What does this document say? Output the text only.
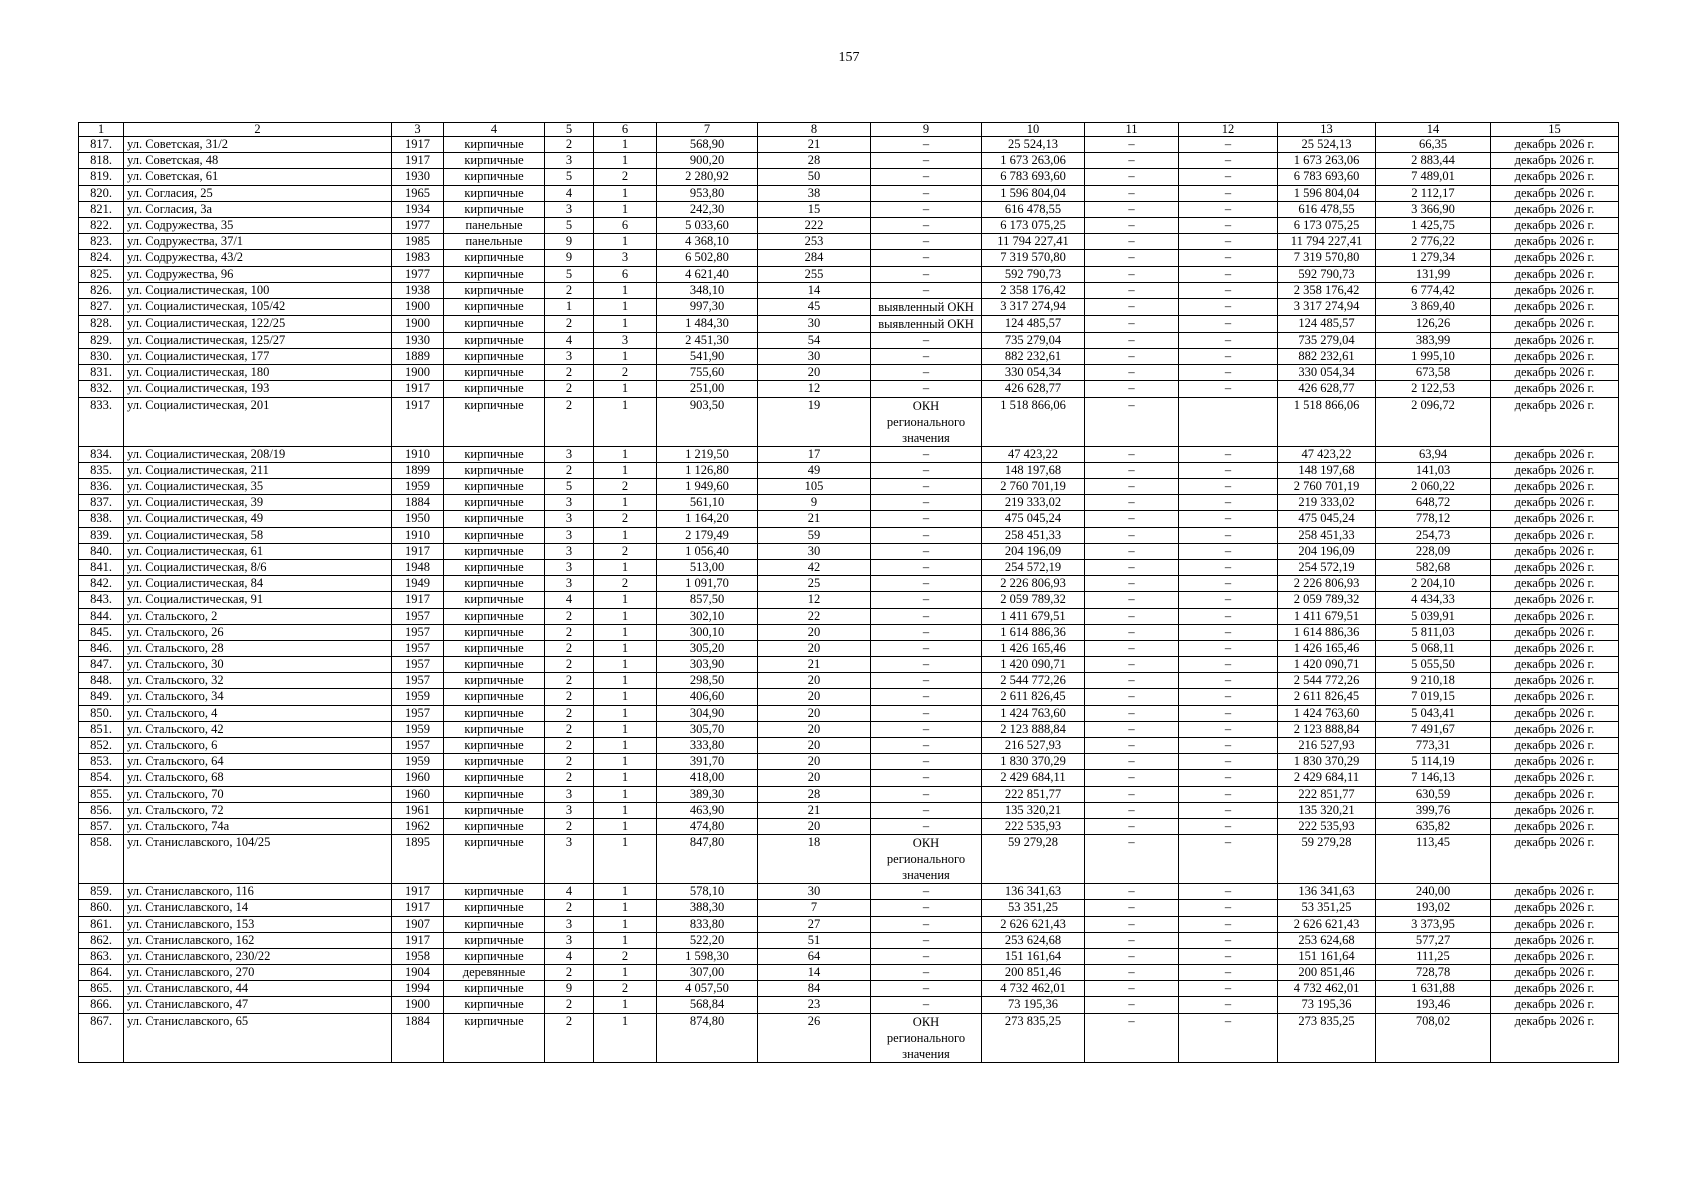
157
1	2	3	4	5	6	7	8	9	10	11	12	13	14	15
817.	ул. Советская, 31/2	1917	кирпичные	2	1	568,90	21	–	25 524,13	–	–	25 524,13	66,35	декабрь 2026 г.
818.	ул. Советская, 48	1917	кирпичные	3	1	900,20	28	–	1 673 263,06	–	–	1 673 263,06	2 883,44	декабрь 2026 г.
819.	ул. Советская, 61	1930	кирпичные	5	2	2 280,92	50	–	6 783 693,60	–	–	6 783 693,60	7 489,01	декабрь 2026 г.
820.	ул. Согласия, 25	1965	кирпичные	4	1	953,80	38	–	1 596 804,04	–	–	1 596 804,04	2 112,17	декабрь 2026 г.
821.	ул. Согласия, 3а	1934	кирпичные	3	1	242,30	15	–	616 478,55	–	–	616 478,55	3 366,90	декабрь 2026 г.
822.	ул. Содружества, 35	1977	панельные	5	6	5 033,60	222	–	6 173 075,25	–	–	6 173 075,25	1 425,75	декабрь 2026 г.
823.	ул. Содружества, 37/1	1985	панельные	9	1	4 368,10	253	–	11 794 227,41	–	–	11 794 227,41	2 776,22	декабрь 2026 г.
824.	ул. Содружества, 43/2	1983	кирпичные	9	3	6 502,80	284	–	7 319 570,80	–	–	7 319 570,80	1 279,34	декабрь 2026 г.
825.	ул. Содружества, 96	1977	кирпичные	5	6	4 621,40	255	–	592 790,73	–	–	592 790,73	131,99	декабрь 2026 г.
826.	ул. Социалистическая, 100	1938	кирпичные	2	1	348,10	14	–	2 358 176,42	–	–	2 358 176,42	6 774,42	декабрь 2026 г.
827.	ул. Социалистическая, 105/42	1900	кирпичные	1	1	997,30	45	выявленный ОКН	3 317 274,94	–	–	3 317 274,94	3 869,40	декабрь 2026 г.
828.	ул. Социалистическая, 122/25	1900	кирпичные	2	1	1 484,30	30	выявленный ОКН	124 485,57	–	–	124 485,57	126,26	декабрь 2026 г.
829.	ул. Социалистическая, 125/27	1930	кирпичные	4	3	2 451,30	54	–	735 279,04	–	–	735 279,04	383,99	декабрь 2026 г.
830.	ул. Социалистическая, 177	1889	кирпичные	3	1	541,90	30	–	882 232,61	–	–	882 232,61	1 995,10	декабрь 2026 г.
831.	ул. Социалистическая, 180	1900	кирпичные	2	2	755,60	20	–	330 054,34	–	–	330 054,34	673,58	декабрь 2026 г.
832.	ул. Социалистическая, 193	1917	кирпичные	2	1	251,00	12	–	426 628,77	–	–	426 628,77	2 122,53	декабрь 2026 г.
833.	ул. Социалистическая, 201	1917	кирпичные	2	1	903,50	19	ОКН регионального значения	1 518 866,06	–		1 518 866,06	2 096,72	декабрь 2026 г.
834.	ул. Социалистическая, 208/19	1910	кирпичные	3	1	1 219,50	17	–	47 423,22	–	–	47 423,22	63,94	декабрь 2026 г.
835.	ул. Социалистическая, 211	1899	кирпичные	2	1	1 126,80	49	–	148 197,68	–	–	148 197,68	141,03	декабрь 2026 г.
836.	ул. Социалистическая, 35	1959	кирпичные	5	2	1 949,60	105	–	2 760 701,19	–	–	2 760 701,19	2 060,22	декабрь 2026 г.
837.	ул. Социалистическая, 39	1884	кирпичные	3	1	561,10	9	–	219 333,02	–	–	219 333,02	648,72	декабрь 2026 г.
838.	ул. Социалистическая, 49	1950	кирпичные	3	2	1 164,20	21	–	475 045,24	–	–	475 045,24	778,12	декабрь 2026 г.
839.	ул. Социалистическая, 58	1910	кирпичные	3	1	2 179,49	59	–	258 451,33	–	–	258 451,33	254,73	декабрь 2026 г.
840.	ул. Социалистическая, 61	1917	кирпичные	3	2	1 056,40	30	–	204 196,09	–	–	204 196,09	228,09	декабрь 2026 г.
841.	ул. Социалистическая, 8/6	1948	кирпичные	3	1	513,00	42	–	254 572,19	–	–	254 572,19	582,68	декабрь 2026 г.
842.	ул. Социалистическая, 84	1949	кирпичные	3	2	1 091,70	25	–	2 226 806,93	–	–	2 226 806,93	2 204,10	декабрь 2026 г.
843.	ул. Социалистическая, 91	1917	кирпичные	4	1	857,50	12	–	2 059 789,32	–	–	2 059 789,32	4 434,33	декабрь 2026 г.
844.	ул. Стальского, 2	1957	кирпичные	2	1	302,10	22	–	1 411 679,51	–	–	1 411 679,51	5 039,91	декабрь 2026 г.
845.	ул. Стальского, 26	1957	кирпичные	2	1	300,10	20	–	1 614 886,36	–	–	1 614 886,36	5 811,03	декабрь 2026 г.
846.	ул. Стальского, 28	1957	кирпичные	2	1	305,20	20	–	1 426 165,46	–	–	1 426 165,46	5 068,11	декабрь 2026 г.
847.	ул. Стальского, 30	1957	кирпичные	2	1	303,90	21	–	1 420 090,71	–	–	1 420 090,71	5 055,50	декабрь 2026 г.
848.	ул. Стальского, 32	1957	кирпичные	2	1	298,50	20	–	2 544 772,26	–	–	2 544 772,26	9 210,18	декабрь 2026 г.
849.	ул. Стальского, 34	1959	кирпичные	2	1	406,60	20	–	2 611 826,45	–	–	2 611 826,45	7 019,15	декабрь 2026 г.
850.	ул. Стальского, 4	1957	кирпичные	2	1	304,90	20	–	1 424 763,60	–	–	1 424 763,60	5 043,41	декабрь 2026 г.
851.	ул. Стальского, 42	1959	кирпичные	2	1	305,70	20	–	2 123 888,84	–	–	2 123 888,84	7 491,67	декабрь 2026 г.
852.	ул. Стальского, 6	1957	кирпичные	2	1	333,80	20	–	216 527,93	–	–	216 527,93	773,31	декабрь 2026 г.
853.	ул. Стальского, 64	1959	кирпичные	2	1	391,70	20	–	1 830 370,29	–	–	1 830 370,29	5 114,19	декабрь 2026 г.
854.	ул. Стальского, 68	1960	кирпичные	2	1	418,00	20	–	2 429 684,11	–	–	2 429 684,11	7 146,13	декабрь 2026 г.
855.	ул. Стальского, 70	1960	кирпичные	3	1	389,30	28	–	222 851,77	–	–	222 851,77	630,59	декабрь 2026 г.
856.	ул. Стальского, 72	1961	кирпичные	3	1	463,90	21	–	135 320,21	–	–	135 320,21	399,76	декабрь 2026 г.
857.	ул. Стальского, 74а	1962	кирпичные	2	1	474,80	20	–	222 535,93	–	–	222 535,93	635,82	декабрь 2026 г.
858.	ул. Станиславского, 104/25	1895	кирпичные	3	1	847,80	18	ОКН регионального значения	59 279,28	–	–	59 279,28	113,45	декабрь 2026 г.
859.	ул. Станиславского, 116	1917	кирпичные	4	1	578,10	30	–	136 341,63	–	–	136 341,63	240,00	декабрь 2026 г.
860.	ул. Станиславского, 14	1917	кирпичные	2	1	388,30	7	–	53 351,25	–	–	53 351,25	193,02	декабрь 2026 г.
861.	ул. Станиславского, 153	1907	кирпичные	3	1	833,80	27	–	2 626 621,43	–	–	2 626 621,43	3 373,95	декабрь 2026 г.
862.	ул. Станиславского, 162	1917	кирпичные	3	1	522,20	51	–	253 624,68	–	–	253 624,68	577,27	декабрь 2026 г.
863.	ул. Станиславского, 230/22	1958	кирпичные	4	2	1 598,30	64	–	151 161,64	–	–	151 161,64	111,25	декабрь 2026 г.
864.	ул. Станиславского, 270	1904	деревянные	2	1	307,00	14	–	200 851,46	–	–	200 851,46	728,78	декабрь 2026 г.
865.	ул. Станиславского, 44	1994	кирпичные	9	2	4 057,50	84	–	4 732 462,01	–	–	4 732 462,01	1 631,88	декабрь 2026 г.
866.	ул. Станиславского, 47	1900	кирпичные	2	1	568,84	23	–	73 195,36	–	–	73 195,36	193,46	декабрь 2026 г.
867.	ул. Станиславского, 65	1884	кирпичные	2	1	874,80	26	ОКН регионального значения	273 835,25	–	–	273 835,25	708,02	декабрь 2026 г.
